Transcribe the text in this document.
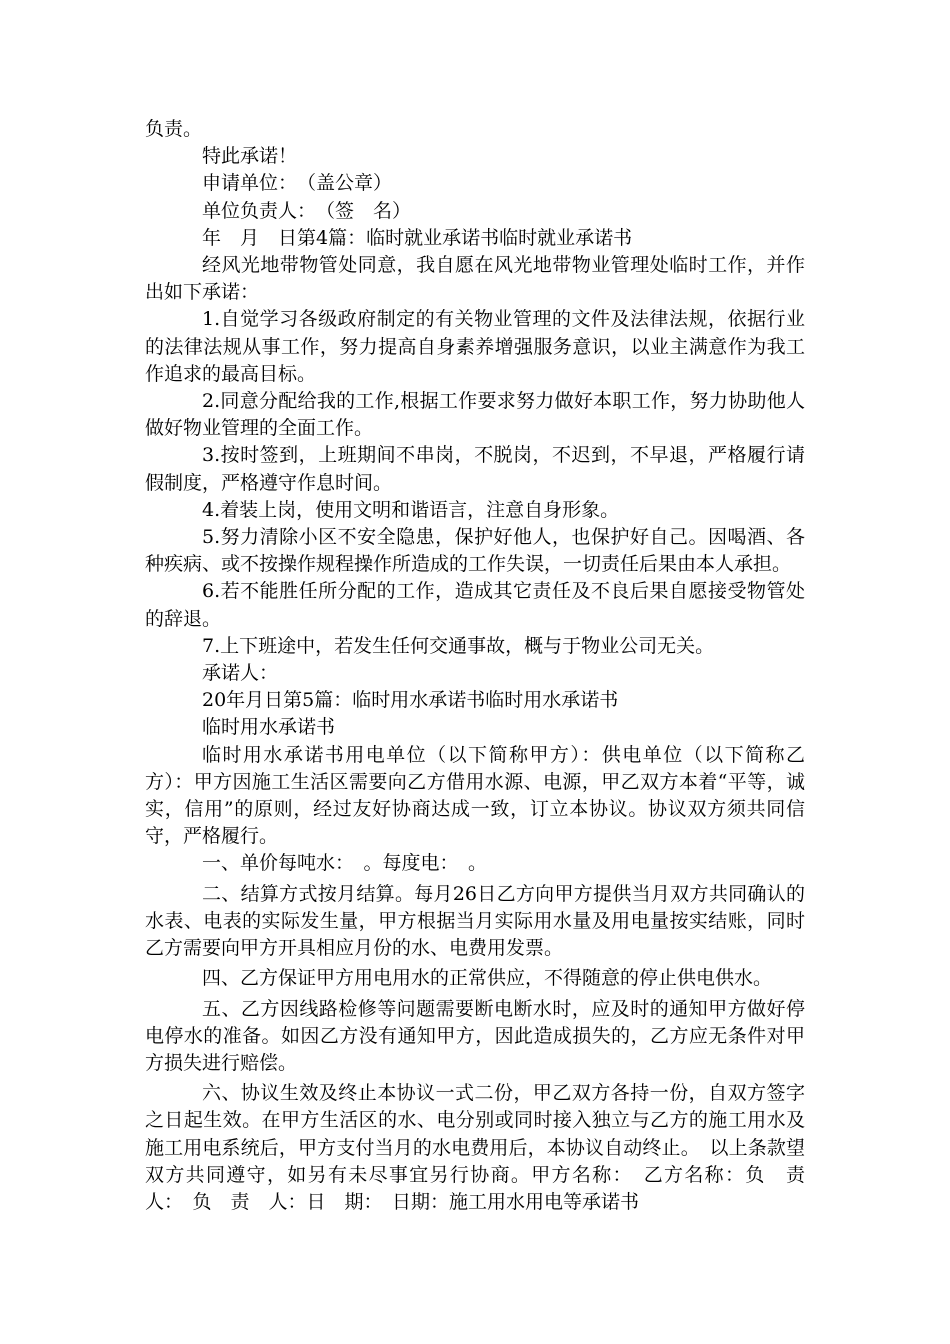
负责。

特此承诺！

申请单位：　（盖公章）

单位负责人：　（签　名）

年　月　日第4篇：临时就业承诺书临时就业承诺书

经风光地带物管处同意，我自愿在风光地带物业管理处临时工作，并作出如下承诺：

1.自觉学习各级政府制定的有关物业管理的文件及法律法规，依据行业的法律法规从事工作，努力提高自身素养增强服务意识，以业主满意作为我工作追求的最高目标。

2.同意分配给我的工作,根据工作要求努力做好本职工作，努力协助他人做好物业管理的全面工作。

3.按时签到，上班期间不串岗，不脱岗，不迟到，不早退，严格履行请假制度，严格遵守作息时间。

4.着装上岗，使用文明和谐语言，注意自身形象。

5.努力清除小区不安全隐患，保护好他人，也保护好自己。因喝酒、各种疾病、或不按操作规程操作所造成的工作失误，一切责任后果由本人承担。

6.若不能胜任所分配的工作，造成其它责任及不良后果自愿接受物管处的辞退。

7.上下班途中，若发生任何交通事故，概与于物业公司无关。

承诺人：

20年月日第5篇：临时用水承诺书临时用水承诺书

临时用水承诺书

临时用水承诺书用电单位（以下简称甲方）：供电单位（以下简称乙方）：甲方因施工生活区需要向乙方借用水源、电源，甲乙双方本着“平等，诚实，信用”的原则，经过友好协商达成一致，订立本协议。协议双方须共同信守，严格履行。

一、单价每吨水：　。每度电：　。

二、结算方式按月结算。每月26日乙方向甲方提供当月双方共同确认的水表、电表的实际发生量，甲方根据当月实际用水量及用电量按实结账，同时乙方需要向甲方开具相应月份的水、电费用发票。

四、乙方保证甲方用电用水的正常供应，不得随意的停止供电供水。

五、乙方因线路检修等问题需要断电断水时，应及时的通知甲方做好停电停水的准备。如因乙方没有通知甲方，因此造成损失的，乙方应无条件对甲方损失进行赔偿。

六、协议生效及终止本协议一式二份，甲乙双方各持一份，自双方签字之日起生效。在甲方生活区的水、电分别或同时接入独立与乙方的施工用水及施工用电系统后，甲方支付当月的水电费用后，本协议自动终止。　以上条款望双方共同遵守，如另有未尽事宜另行协商。甲方名称：　乙方名称：负　责　人：　负　责　人：日　期：　日期：施工用水用电等承诺书
